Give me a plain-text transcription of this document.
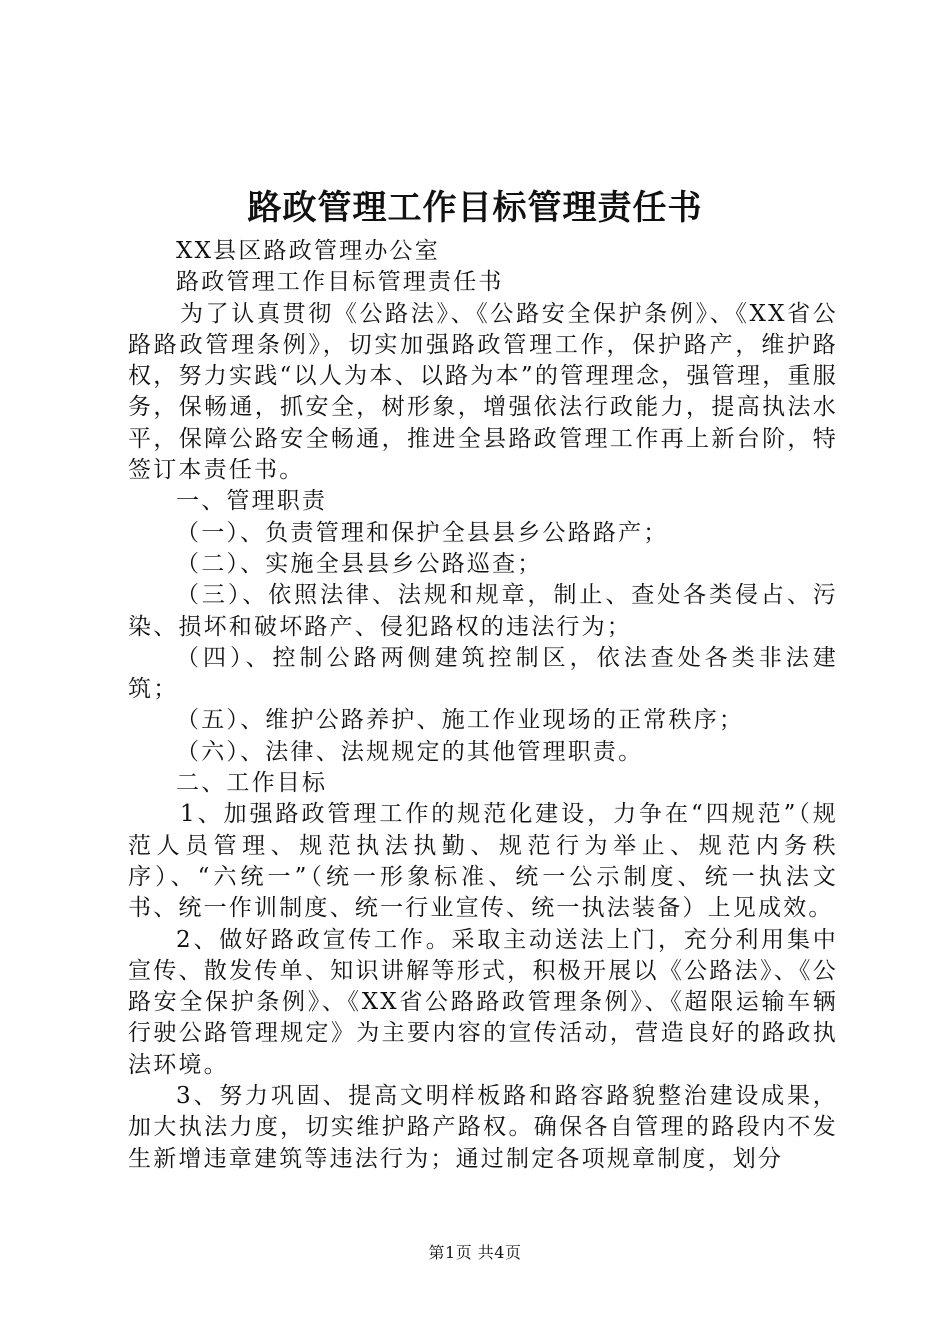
路政管理工作目标管理责任书

XX县区路政管理办公室

路政管理工作目标管理责任书

为了认真贯彻《公路法》、《公路安全保护条例》、《XX省公路路政管理条例》，切实加强路政管理工作，保护路产，维护路权，努力实践“以人为本、以路为本”的管理理念，强管理，重服务，保畅通，抓安全，树形象，增强依法行政能力，提高执法水平，保障公路安全畅通，推进全县路政管理工作再上新台阶，特签订本责任书。

一、管理职责

（一）、负责管理和保护全县县乡公路路产；

（二）、实施全县县乡公路巡查；

（三）、依照法律、法规和规章，制止、查处各类侵占、污染、损坏和破坏路产、侵犯路权的违法行为；

（四）、控制公路两侧建筑控制区，依法查处各类非法建筑；

（五）、维护公路养护、施工作业现场的正常秩序；

（六）、法律、法规规定的其他管理职责。

二、工作目标

1、加强路政管理工作的规范化建设，力争在“四规范”（规范人员管理、规范执法执勤、规范行为举止、规范内务秩序）、“六统一”（统一形象标准、统一公示制度、统一执法文书、统一作训制度、统一行业宣传、统一执法装备）上见成效。

2、做好路政宣传工作。采取主动送法上门，充分利用集中宣传、散发传单、知识讲解等形式，积极开展以《公路法》、《公路安全保护条例》、《XX省公路路政管理条例》、《超限运输车辆行驶公路管理规定》为主要内容的宣传活动，营造良好的路政执法环境。

3、努力巩固、提高文明样板路和路容路貌整治建设成果，加大执法力度，切实维护路产路权。确保各自管理的路段内不发生新增违章建筑等违法行为；通过制定各项规章制度，划分

第1页 共4页
